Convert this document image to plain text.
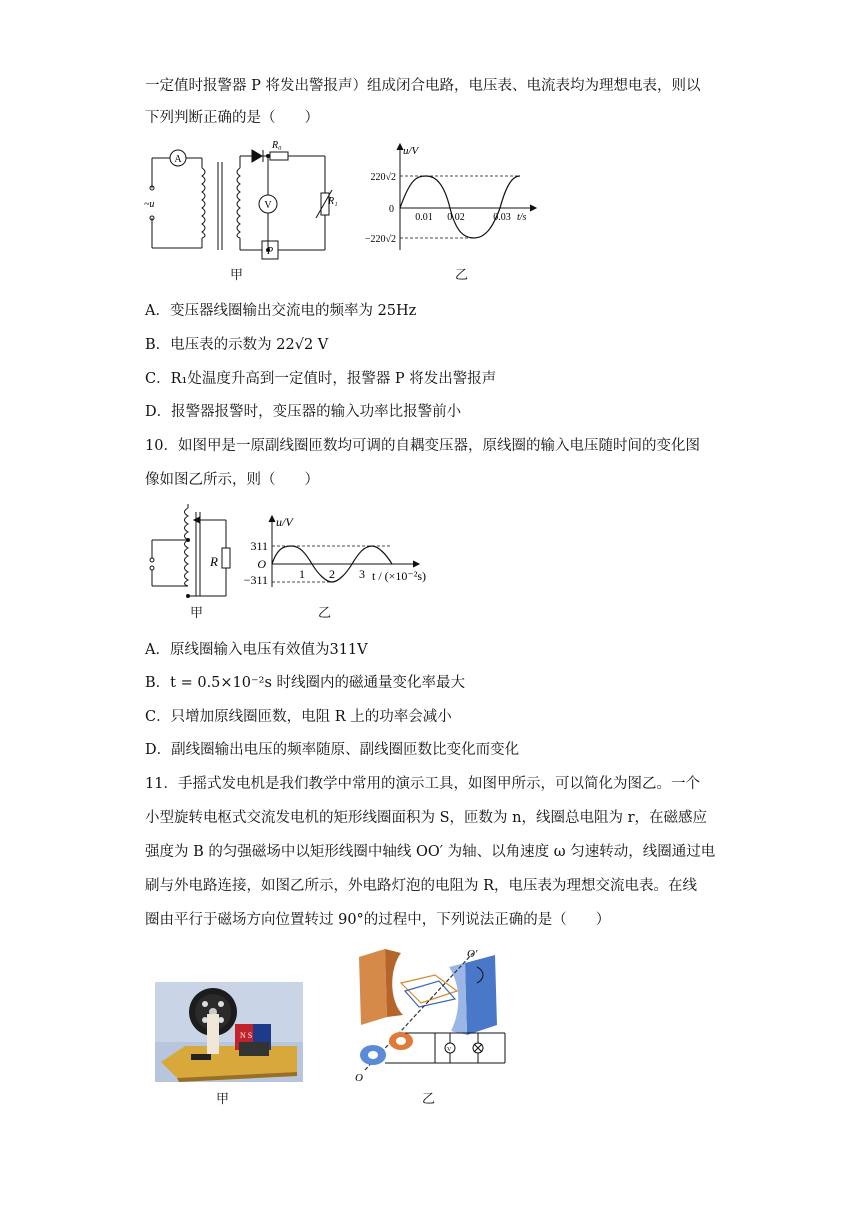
一定值时报警器 P 将发出警报声）组成闭合电路，电压表、电流表均为理想电表，则以
下列判断正确的是（　　）
A
V
R₀
R₁
P
~u
甲
u/V
220√2
−220√2
0
0.01 0.02	0.03 t/s
乙
A．变压器线圈输出交流电的频率为 25Hz
B．电压表的示数为 22√2 V
C．R₁处温度升高到一定值时，报警器 P 将发出警报声
D．报警器报警时，变压器的输入功率比报警前小
10．如图甲是一原副线圈匝数均可调的自耦变压器，原线圈的输入电压随时间的变化图
像如图乙所示，则（　　）
R
甲
u/V
311
−311
O
1 2 3 t / (×10⁻²s)
乙
A．原线圈输入电压有效值为311V
B．t = 0.5×10⁻²s 时线圈内的磁通量变化率最大
C．只增加原线圈匝数，电阻 R 上的功率会减小
D．副线圈输出电压的频率随原、副线圈匝数比变化而变化
11．手摇式发电机是我们教学中常用的演示工具，如图甲所示，可以简化为图乙。一个
小型旋转电枢式交流发电机的矩形线圈面积为 S，匝数为 n，线圈总电阻为 r，在磁感应
强度为 B 的匀强磁场中以矩形线圈中轴线 OO′ 为轴、以角速度 ω 匀速转动，线圈通过电
刷与外电路连接，如图乙所示，外电路灯泡的电阻为 R，电压表为理想交流电表。在线
圈由平行于磁场方向位置转过 90°的过程中，下列说法正确的是（　　）
N S
甲
V
O
O′
乙
